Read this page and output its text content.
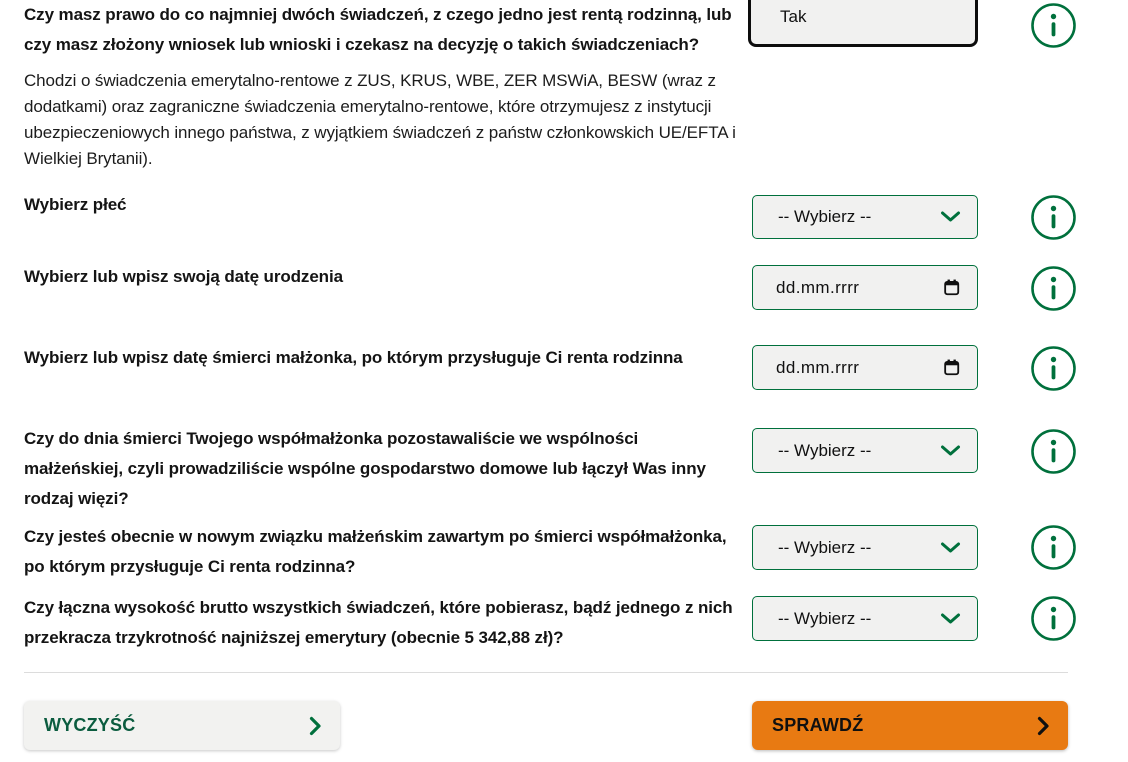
Czy masz prawo do co najmniej dwóch świadczeń, z czego jedno jest rentą rodzinną, lub czy masz złożony wniosek lub wnioski i czekasz na decyzję o takich świadczeniach?
Tak
Chodzi o świadczenia emerytalno-rentowe z ZUS, KRUS, WBE, ZER MSWiA, BESW (wraz z dodatkami) oraz zagraniczne świadczenia emerytalno-rentowe, które otrzymujesz z instytucji ubezpieczeniowych innego państwa, z wyjątkiem świadczeń z państw członkowskich UE/EFTA i Wielkiej Brytanii).
Wybierz płeć
-- Wybierz --
Wybierz lub wpisz swoją datę urodzenia
dd.mm.rrrr
Wybierz lub wpisz datę śmierci małżonka, po którym przysługuje Ci renta rodzinna	dd.mm.rrrr
Czy do dnia śmierci Twojego współmałżonka pozostawaliście we wspólności małżeńskiej, czyli prowadziliście wspólne gospodarstwo domowe lub łączył Was inny rodzaj więzi?
-- Wybierz --
Czy jesteś obecnie w nowym związku małżeńskim zawartym po śmierci współmałżonka, po którym przysługuje Ci renta rodzinna?
-- Wybierz --
Czy łączna wysokość brutto wszystkich świadczeń, które pobierasz, bądź jednego z nich przekracza trzykrotność najniższej emerytury (obecnie 5 342,88 zł)?
-- Wybierz --
WYCZYŚĆ	SPRAWDŹ
